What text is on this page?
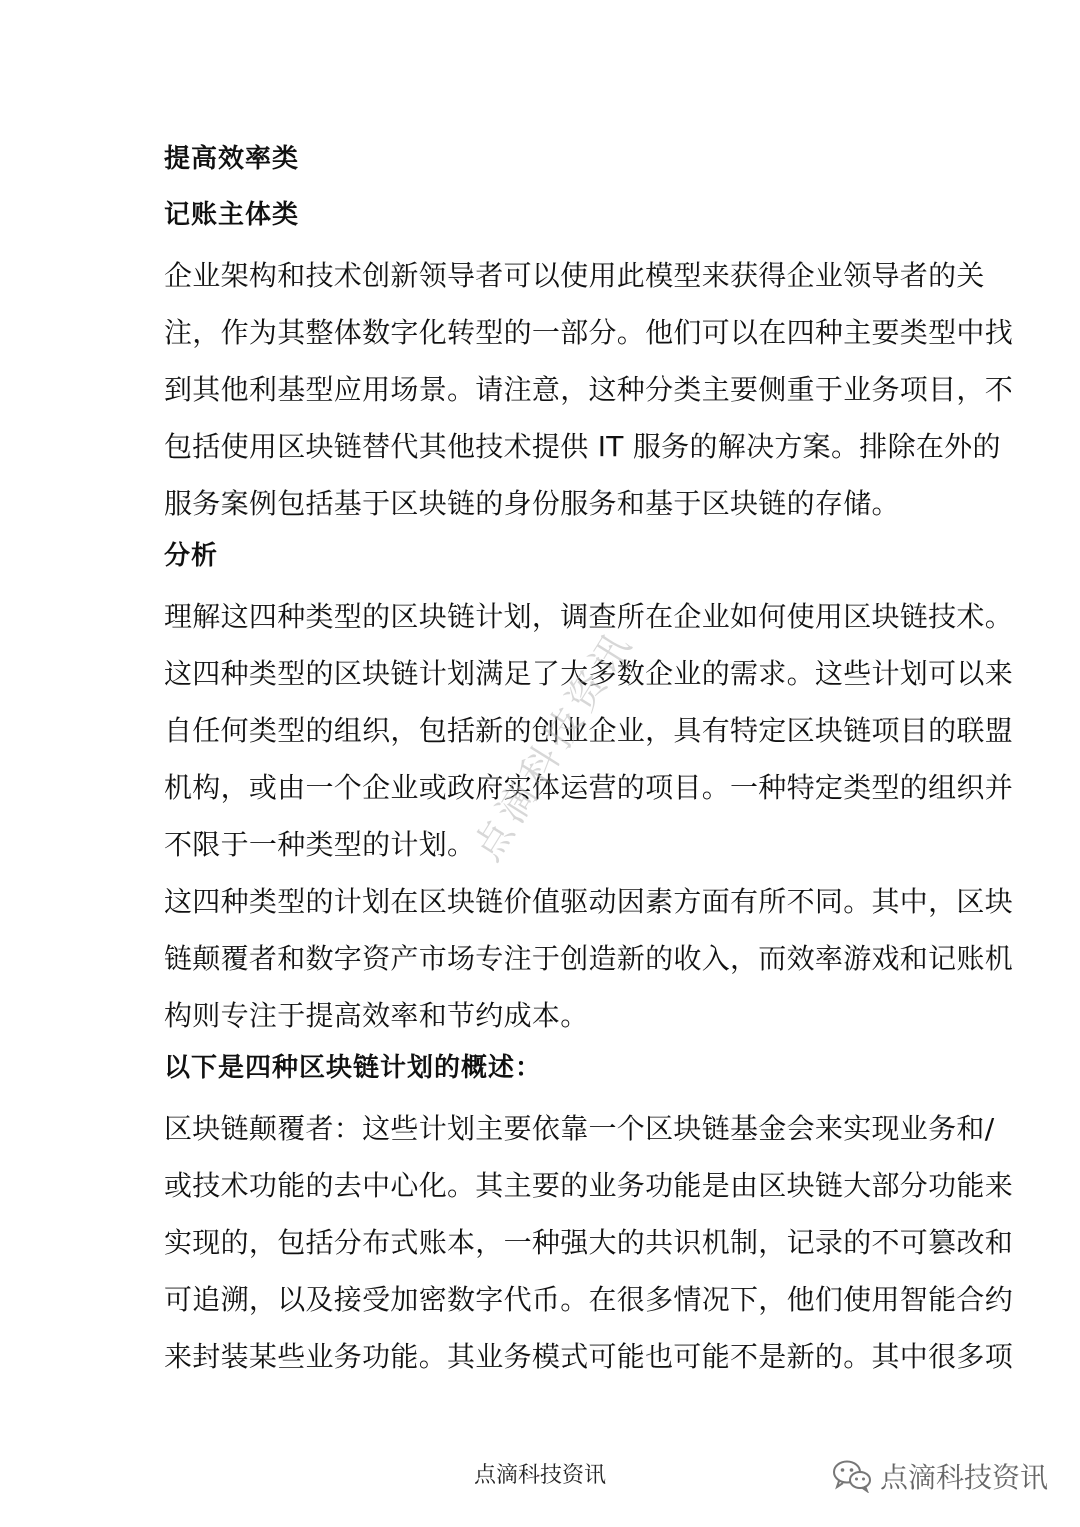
提高效率类
记账主体类
企业架构和技术创新领导者可以使用此模型来获得企业领导者的关
注，作为其整体数字化转型的一部分。他们可以在四种主要类型中找
到其他利基型应用场景。请注意，这种分类主要侧重于业务项目，不
包括使用区块链替代其他技术提供 IT 服务的解决方案。排除在外的
服务案例包括基于区块链的身份服务和基于区块链的存储。
分析
理解这四种类型的区块链计划，调查所在企业如何使用区块链技术。
这四种类型的区块链计划满足了大多数企业的需求。这些计划可以来
自任何类型的组织，包括新的创业企业，具有特定区块链项目的联盟
机构，或由一个企业或政府实体运营的项目。一种特定类型的组织并
不限于一种类型的计划。
这四种类型的计划在区块链价值驱动因素方面有所不同。其中，区块
链颠覆者和数字资产市场专注于创造新的收入，而效率游戏和记账机
构则专注于提高效率和节约成本。
以下是四种区块链计划的概述：
区块链颠覆者：这些计划主要依靠一个区块链基金会来实现业务和/
或技术功能的去中心化。其主要的业务功能是由区块链大部分功能来
实现的，包括分布式账本，一种强大的共识机制，记录的不可篡改和
可追溯，以及接受加密数字代币。在很多情况下，他们使用智能合约
来封装某些业务功能。其业务模式可能也可能不是新的。其中很多项
点滴科技资讯
点滴科技资讯	点滴科技资讯
